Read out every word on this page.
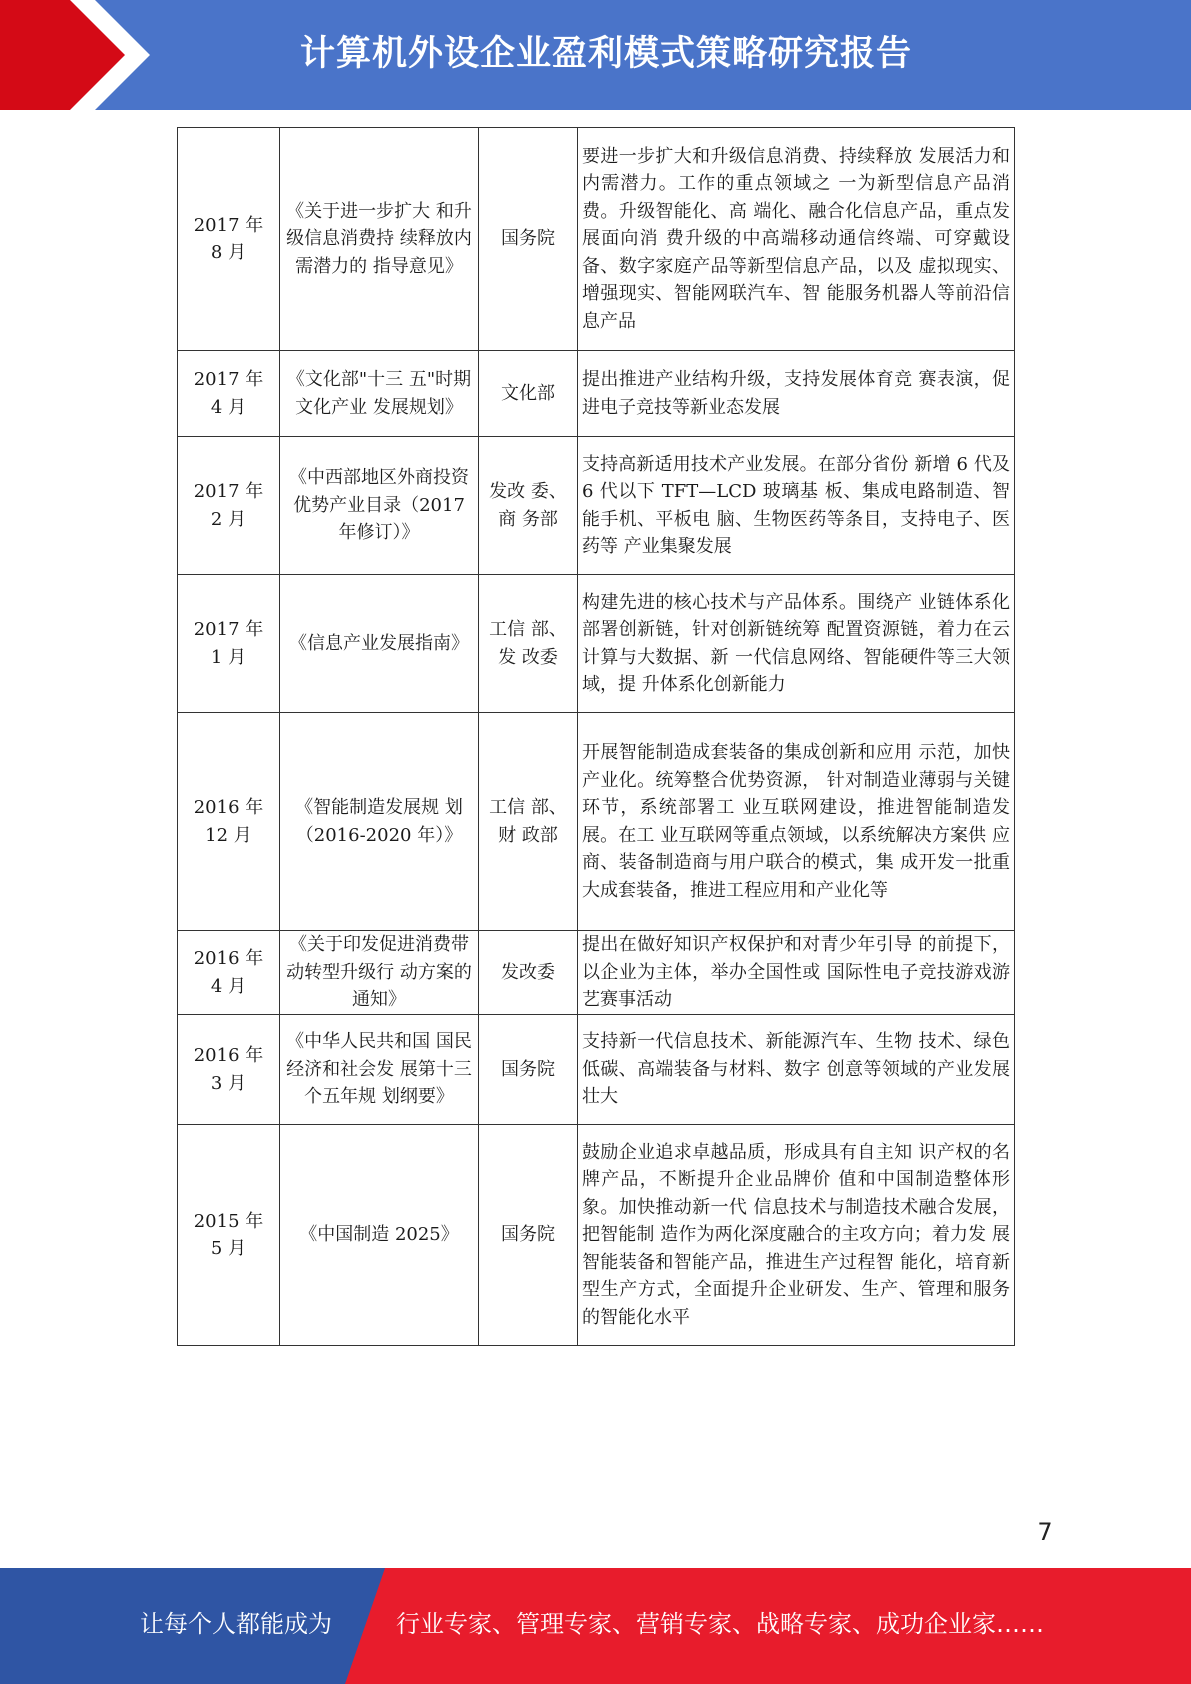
计算机外设企业盈利模式策略研究报告
2017 年
8 月	《关于进一步扩大 和升级信息消费持 续释放内需潜力的 指导意见》	国务院	要进一步扩大和升级信息消费、持续释放 发展活力和内需潜力。工作的重点领域之 一为新型信息产品消费。升级智能化、高 端化、融合化信息产品，重点发展面向消 费升级的中高端移动通信终端、可穿戴设 备、数字家庭产品等新型信息产品，以及 虚拟现实、增强现实、智能网联汽车、智 能服务机器人等前沿信息产品

2017 年
4 月	《文化部"十三 五"时期文化产业 发展规划》	文化部	提出推进产业结构升级，支持发展体育竞 赛表演，促进电子竞技等新业态发展

2017 年
2 月	《中西部地区外商投资优势产业目录（2017 年修订）》	发改 委、商 务部	支持高新适用技术产业发展。在部分省份 新增 6 代及 6 代以下 TFT—LCD 玻璃基 板、集成电路制造、智能手机、平板电 脑、生物医药等条目，支持电子、医药等 产业集聚发展

2017 年
1 月	《信息产业发展指南》	工信 部、发 改委	构建先进的核心技术与产品体系。围绕产 业链体系化部署创新链，针对创新链统筹 配置资源链，着力在云计算与大数据、新 一代信息网络、智能硬件等三大领域，提 升体系化创新能力

2016 年
12 月	《智能制造发展规 划（2016-2020 年）》	工信 部、财 政部	开展智能制造成套装备的集成创新和应用 示范，加快产业化。统筹整合优势资源， 针对制造业薄弱与关键环节，系统部署工 业互联网建设，推进智能制造发展。在工 业互联网等重点领域，以系统解决方案供 应商、装备制造商与用户联合的模式，集 成开发一批重大成套装备，推进工程应用和产业化等

2016 年
4 月	《关于印发促进消费带动转型升级行 动方案的通知》	发改委	提出在做好知识产权保护和对青少年引导 的前提下，以企业为主体，举办全国性或 国际性电子竞技游戏游艺赛事活动

2016 年
3 月	《中华人民共和国 国民经济和社会发 展第十三个五年规 划纲要》	国务院	支持新一代信息技术、新能源汽车、生物 技术、绿色低碳、高端装备与材料、数字 创意等领域的产业发展壮大

2015 年
5 月	《中国制造 2025》	国务院	鼓励企业追求卓越品质，形成具有自主知 识产权的名牌产品，不断提升企业品牌价 值和中国制造整体形象。加快推动新一代 信息技术与制造技术融合发展，把智能制 造作为两化深度融合的主攻方向；着力发 展智能装备和智能产品，推进生产过程智 能化，培育新型生产方式，全面提升企业研发、生产、管理和服务的智能化水平
7
让每个人都能成为	行业专家、管理专家、营销专家、战略专家、成功企业家……
